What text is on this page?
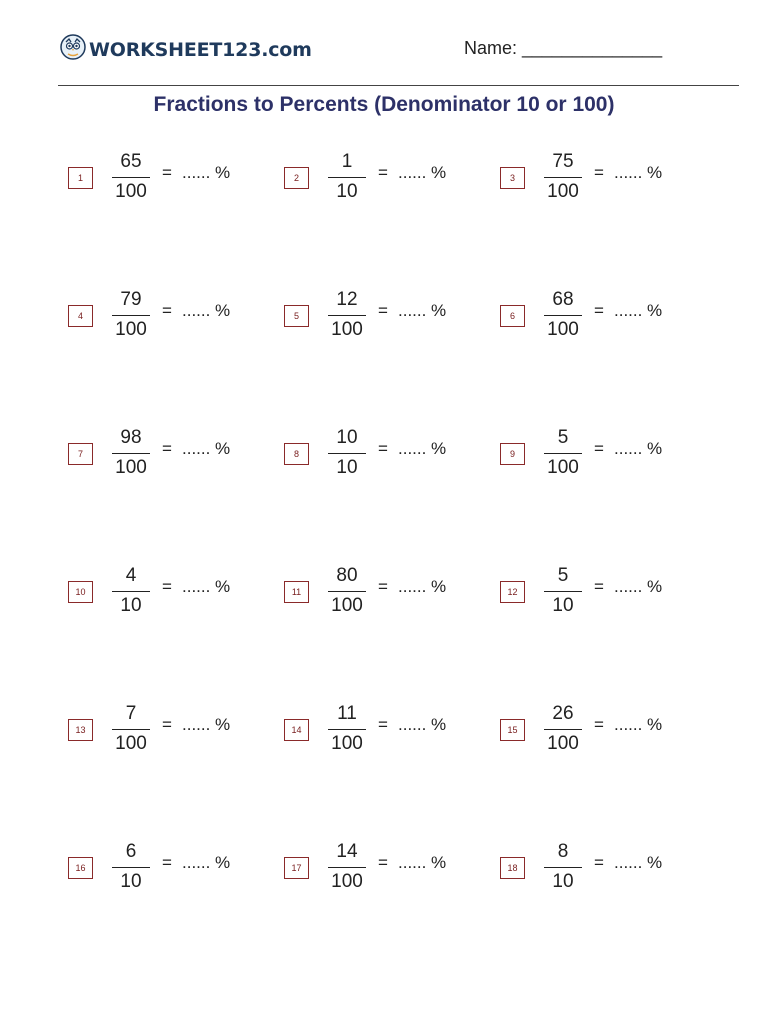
WORKSHEET123.com	Name: ______________
Fractions to Percents (Denominator 10 or 100)
1
65
100
= ...... %	2
1
10
= ...... %	3
75
100
= ...... %
4
79
100
= ...... %	5
12
100
= ...... %	6
68
100
= ...... %
7
98
100
= ...... %	8
10
10
= ...... %	9
5
100
= ...... %
10
4
10
= ...... %	11
80
100
= ...... %	12
5
10
= ...... %
13
7
100
= ...... %	14
11
100
= ...... %	15
26
100
= ...... %
16
6
10
= ...... %	17
14
100
= ...... %	18
8
10
= ...... %
